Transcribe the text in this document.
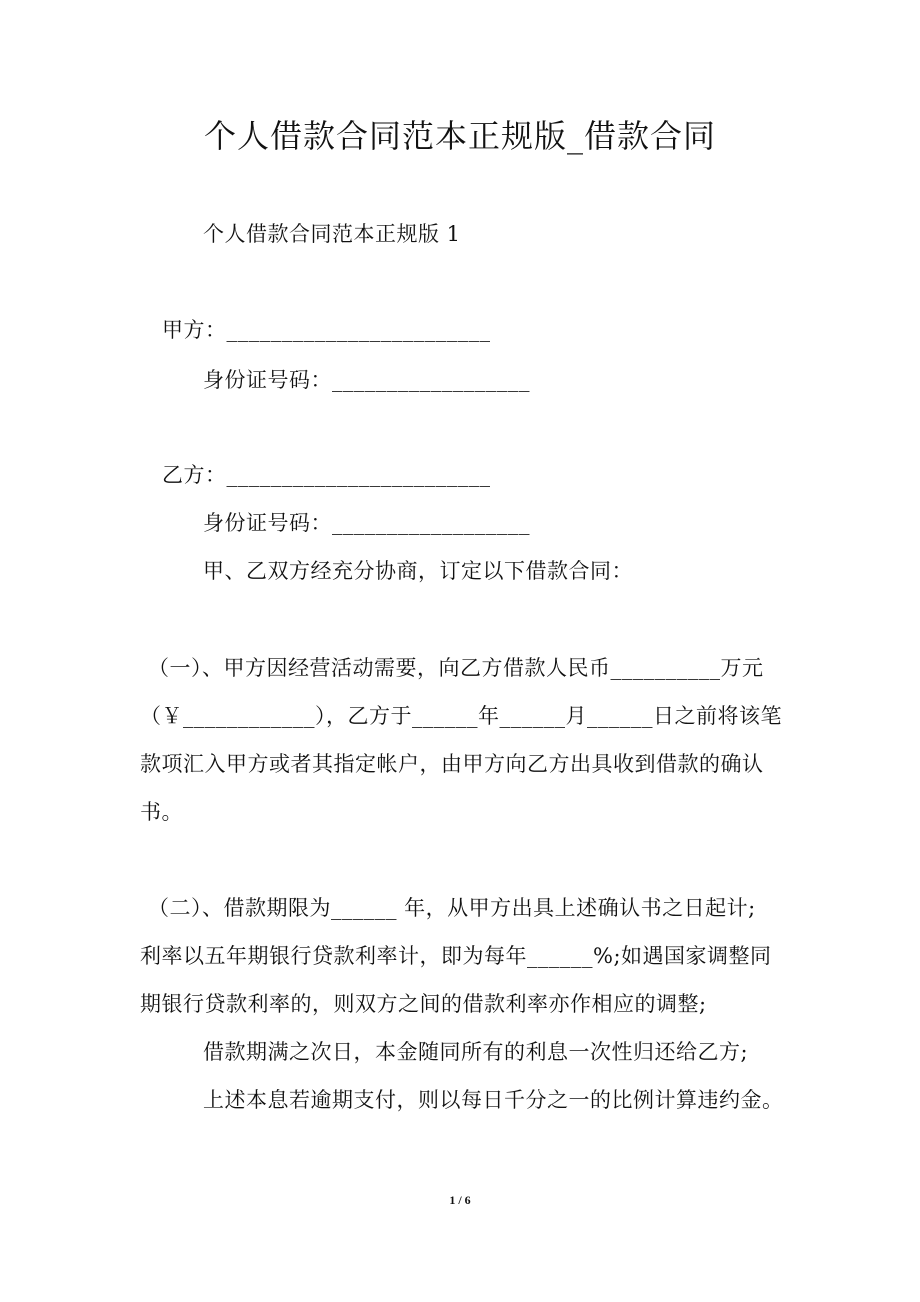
个人借款合同范本正规版_借款合同
个人借款合同范本正规版 1
甲方：________________________
身份证号码：__________________
乙方：________________________
身份证号码：__________________
甲、乙双方经充分协商，订定以下借款合同：
（一）、甲方因经营活动需要，向乙方借款人民币__________万元
（￥____________），乙方于______年______月______日之前将该笔
款项汇入甲方或者其指定帐户，由甲方向乙方出具收到借款的确认
书。
（二）、借款期限为______ 年，从甲方出具上述确认书之日起计;
利率以五年期银行贷款利率计，即为每年______%;如遇国家调整同
期银行贷款利率的，则双方之间的借款利率亦作相应的调整;
借款期满之次日，本金随同所有的利息一次性归还给乙方;
上述本息若逾期支付，则以每日千分之一的比例计算违约金。
1 / 6
